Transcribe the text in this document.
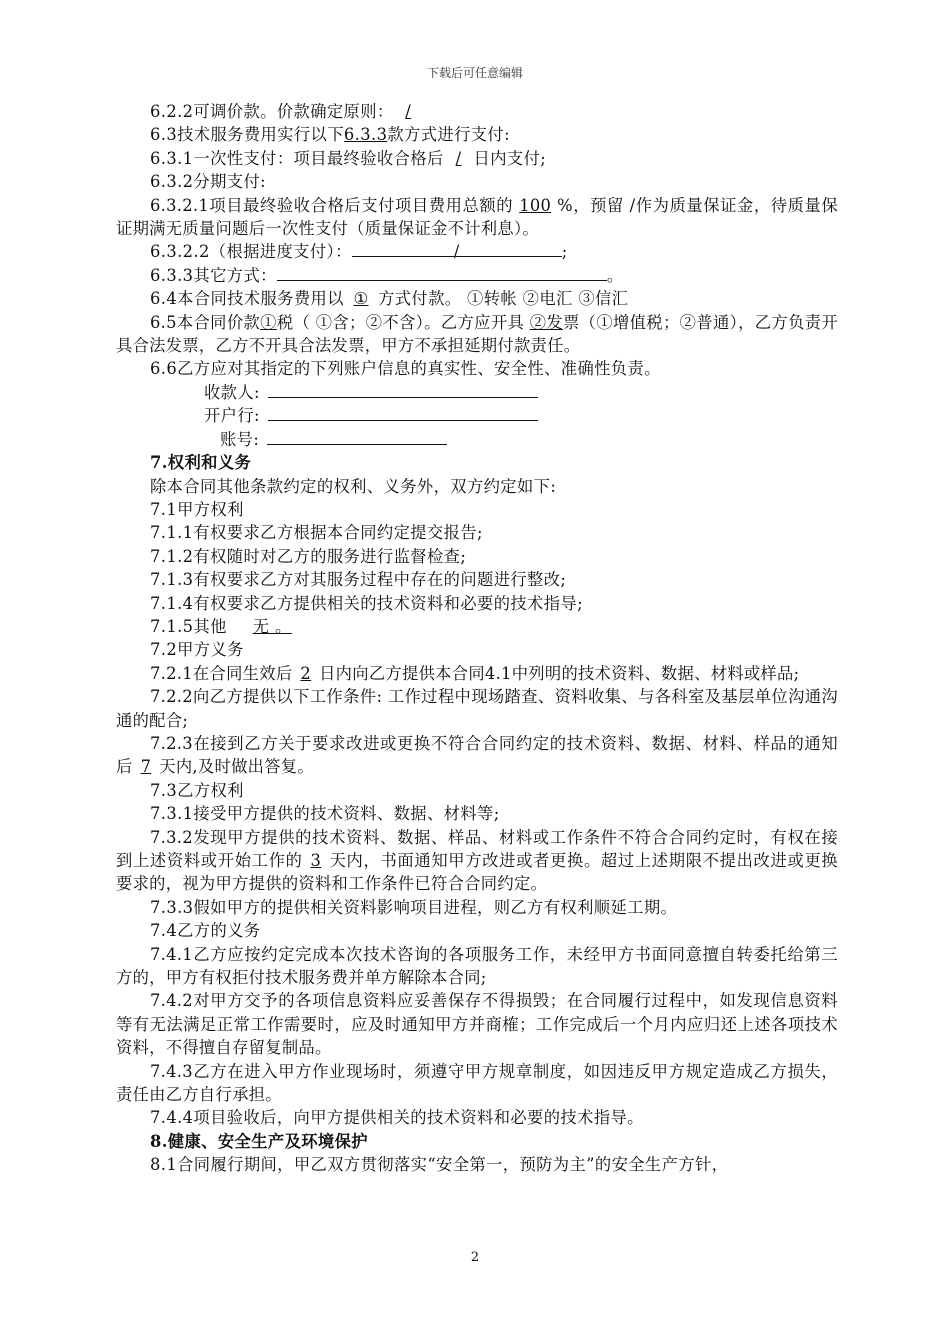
下载后可任意编辑
6.2.2可调价款。价款确定原则： /
6.3技术服务费用实行以下6.3.3款方式进行支付:
6.3.1一次性支付：项目最终验收合格后 / 日内支付;
6.3.2分期支付:
6.3.2.1项目最终验收合格后支付项目费用总额的 100 %，预留 /作为质量保证金，待质量保证期满无质量问题后一次性支付（质量保证金不计利息）。
6.3.2.2（根据进度支付）：	/	;
6.3.3其它方式：	。
6.4本合同技术服务费用以 ① 方式付款。 ①转帐 ②电汇 ③信汇
6.5本合同价款①税（ ①含；②不含）。乙方应开具 ②发票（①增值税；②普通），乙方负责开具合法发票，乙方不开具合法发票，甲方不承担延期付款责任。
6.6乙方应对其指定的下列账户信息的真实性、安全性、准确性负责。
收款人:
开户行:
账号:
7.权利和义务
除本合同其他条款约定的权利、义务外，双方约定如下:
7.1甲方权利
7.1.1有权要求乙方根据本合同约定提交报告;
7.1.2有权随时对乙方的服务进行监督检查;
7.1.3有权要求乙方对其服务过程中存在的问题进行整改;
7.1.4有权要求乙方提供相关的技术资料和必要的技术指导;
7.1.5其他 无 。
7.2甲方义务
7.2.1在合同生效后 2 日内向乙方提供本合同4.1中列明的技术资料、数据、材料或样品;
7.2.2向乙方提供以下工作条件: 工作过程中现场踏查、资料收集、与各科室及基层单位沟通沟通的配合;
7.2.3在接到乙方关于要求改进或更换不符合合同约定的技术资料、数据、材料、样品的通知后 7 天内,及时做出答复。
7.3乙方权利
7.3.1接受甲方提供的技术资料、数据、材料等;
7.3.2发现甲方提供的技术资料、数据、样品、材料或工作条件不符合合同约定时，有权在接到上述资料或开始工作的 3 天内，书面通知甲方改进或者更换。超过上述期限不提出改进或更换要求的，视为甲方提供的资料和工作条件已符合合同约定。
7.3.3假如甲方的提供相关资料影响项目进程，则乙方有权利顺延工期。
7.4乙方的义务
7.4.1乙方应按约定完成本次技术咨询的各项服务工作，未经甲方书面同意擅自转委托给第三方的，甲方有权拒付技术服务费并单方解除本合同;
7.4.2对甲方交予的各项信息资料应妥善保存不得损毁；在合同履行过程中，如发现信息资料等有无法满足正常工作需要时，应及时通知甲方并商榷；工作完成后一个月内应归还上述各项技术资料，不得擅自存留复制品。
7.4.3乙方在进入甲方作业现场时，须遵守甲方规章制度，如因违反甲方规定造成乙方损失，责任由乙方自行承担。
7.4.4项目验收后，向甲方提供相关的技术资料和必要的技术指导。
8.健康、安全生产及环境保护
8.1合同履行期间，甲乙双方贯彻落实“安全第一，预防为主”的安全生产方针，
2
